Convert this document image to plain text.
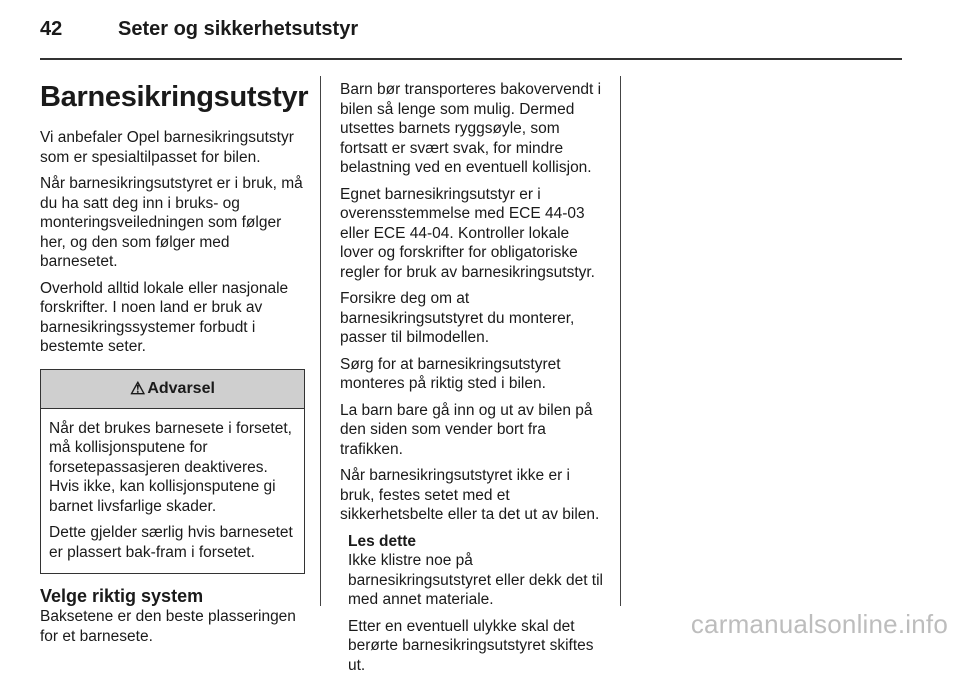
42	Seter og sikkerhetsutstyr
Barnesikringsutstyr

Vi anbefaler Opel barnesikringsutstyr som er spesialtilpasset for bilen.

Når barnesikringsutstyret er i bruk, må du ha satt deg inn i bruks- og monteringsveiledningen som følger her, og den som følger med barnesetet.

Overhold alltid lokale eller nasjonale forskrifter. I noen land er bruk av barnesikringssystemer forbudt i bestemte seter.

⚠ Advarsel

Når det brukes barnesete i forsetet, må kollisjonsputene for forsetepassasjeren deaktiveres. Hvis ikke, kan kollisjonsputene gi barnet livsfarlige skader.

Dette gjelder særlig hvis barnesetet er plassert bak-fram i forsetet.

Velge riktig system

Baksetene er den beste plasseringen for et barnesete.

Barn bør transporteres bakovervendt i bilen så lenge som mulig. Dermed utsettes barnets ryggsøyle, som fortsatt er svært svak, for mindre belastning ved en eventuell kollisjon.

Egnet barnesikringsutstyr er i overensstemmelse med ECE 44-03 eller ECE 44-04. Kontroller lokale lover og forskrifter for obligatoriske regler for bruk av barnesikringsutstyr.

Forsikre deg om at barnesikringsutstyret du monterer, passer til bilmodellen.

Sørg for at barnesikringsutstyret monteres på riktig sted i bilen.

La barn bare gå inn og ut av bilen på den siden som vender bort fra trafikken.

Når barnesikringsutstyret ikke er i bruk, festes setet med et sikkerhetsbelte eller ta det ut av bilen.

Les dette

Ikke klistre noe på barnesikringsutstyret eller dekk det til med annet materiale.

Etter en eventuell ulykke skal det berørte barnesikringsutstyret skiftes ut.

carmanualsonline.info
